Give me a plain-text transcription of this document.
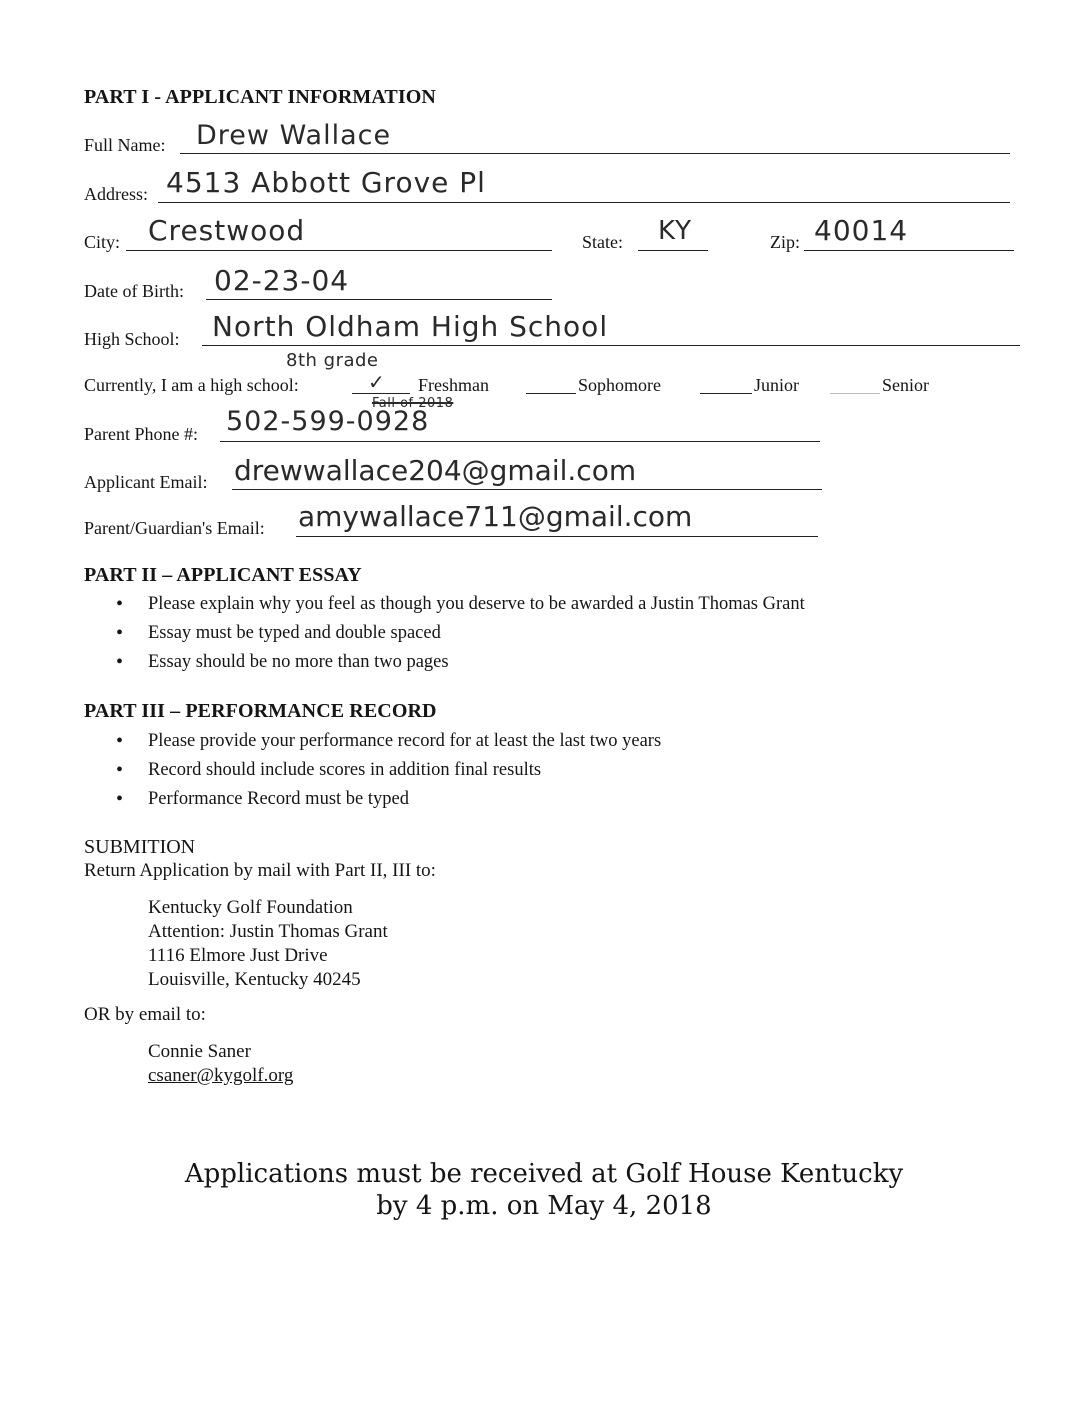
PART I - APPLICANT INFORMATION
Full Name: Drew Wallace
Address: 4513 Abbott Grove Pl
City: Crestwood	State: KY	Zip: 40014
Date of Birth: 02-23-04
High School: North Oldham High School
Currently, I am a high school:
8th grade
✓ Freshman
Fall of 2018
Sophomore	Junior	Senior
Parent Phone #: 502-599-0928
Applicant Email: drewwallace204@gmail.com
Parent/Guardian's Email: amywallace711@gmail.com
PART II – APPLICANT ESSAY
• Please explain why you feel as though you deserve to be awarded a Justin Thomas Grant
• Essay must be typed and double spaced
• Essay should be no more than two pages
PART III – PERFORMANCE RECORD
• Please provide your performance record for at least the last two years
• Record should include scores in addition final results
• Performance Record must be typed
SUBMITION
Return Application by mail with Part II, III to:
Kentucky Golf Foundation
Attention: Justin Thomas Grant
1116 Elmore Just Drive
Louisville, Kentucky 40245
OR by email to:
Connie Saner
csaner@kygolf.org
Applications must be received at Golf House Kentucky
by 4 p.m. on May 4, 2018
